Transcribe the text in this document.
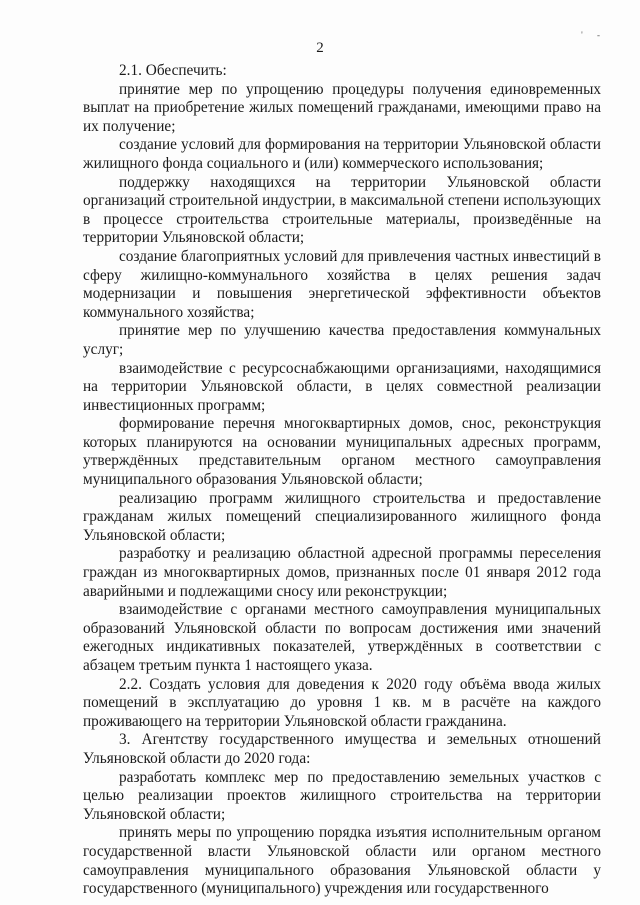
2
' -

2.1. Обеспечить:

принятие мер по упрощению процедуры получения единовременных выплат на приобретение жилых помещений гражданами, имеющими право на их получение;

создание условий для формирования на территории Ульяновской области жилищного фонда социального и (или) коммерческого использования;

поддержку находящихся на территории Ульяновской области организаций строительной индустрии, в максимальной степени использующих в процессе строительства строительные материалы, произведённые на территории Ульяновской области;

создание благоприятных условий для привлечения частных инвестиций в сферу жилищно-коммунального хозяйства в целях решения задач модернизации и повышения энергетической эффективности объектов коммунального хозяйства;

принятие мер по улучшению качества предоставления коммунальных услуг;

взаимодействие с ресурсоснабжающими организациями, находящимися на территории Ульяновской области, в целях совместной реализации инвестиционных программ;

формирование перечня многоквартирных домов, снос, реконструкция которых планируются на основании муниципальных адресных программ, утверждённых представительным органом местного самоуправления муниципального образования Ульяновской области;

реализацию программ жилищного строительства и предоставление гражданам жилых помещений специализированного жилищного фонда Ульяновской области;

разработку и реализацию областной адресной программы переселения граждан из многоквартирных домов, признанных после 01 января 2012 года аварийными и подлежащими сносу или реконструкции;

взаимодействие с органами местного самоуправления муниципальных образований Ульяновской области по вопросам достижения ими значений ежегодных индикативных показателей, утверждённых в соответствии с абзацем третьим пункта 1 настоящего указа.

2.2. Создать условия для доведения к 2020 году объёма ввода жилых помещений в эксплуатацию до уровня 1 кв. м в расчёте на каждого проживающего на территории Ульяновской области гражданина.

3. Агентству государственного имущества и земельных отношений Ульяновской области до 2020 года:

разработать комплекс мер по предоставлению земельных участков с целью реализации проектов жилищного строительства на территории Ульяновской области;

принять меры по упрощению порядка изъятия исполнительным органом государственной власти Ульяновской области или органом местного самоуправления муниципального образования Ульяновской области у государственного (муниципального) учреждения или государственного
